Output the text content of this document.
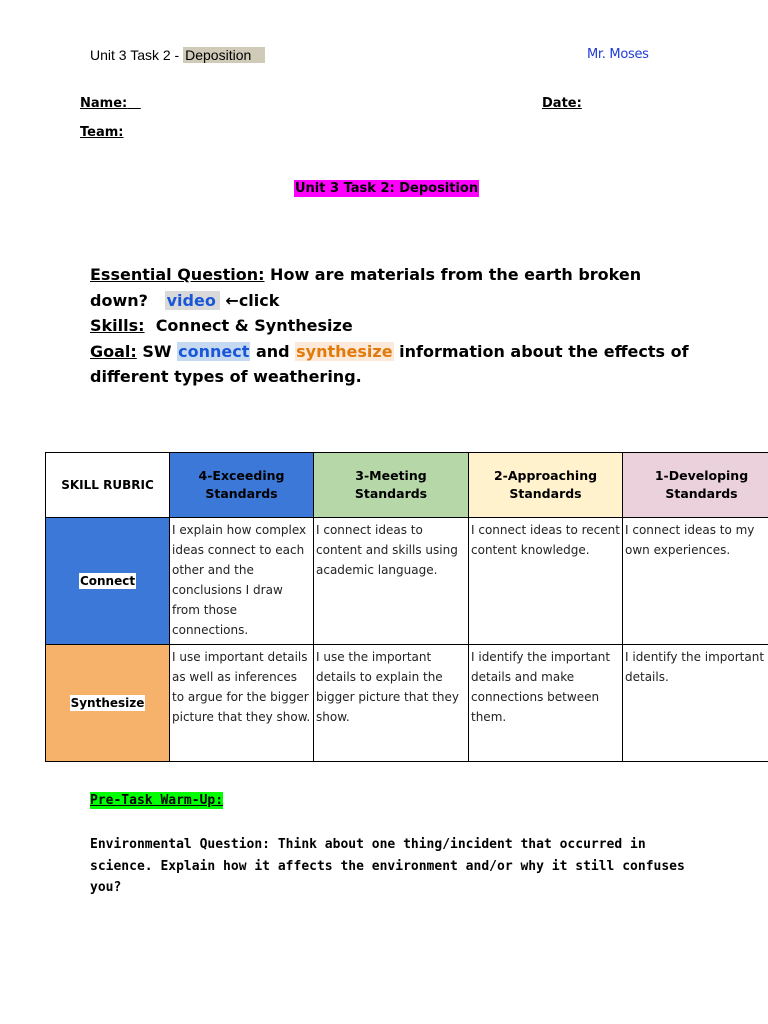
Unit 3 Task 2 - Deposition	Mr. Moses
Name:	Date:
Team:
Unit 3 Task 2: Deposition
Essential Question: How are materials from the earth broken
down? video ←click
Skills:  Connect & Synthesize
Goal: SW connect and synthesize information about the effects of
different types of weathering.
SKILL RUBRIC	4-Exceeding Standards	3-Meeting Standards	2-Approaching Standards	1-Developing Standards
Connect	I explain how complex ideas connect to each other and the conclusions I draw from those connections.	I connect ideas to content and skills using academic language.	I connect ideas to recent content knowledge.	I connect ideas to my own experiences.
Synthesize	I use important details as well as inferences to argue for the bigger picture that they show.	I use the important details to explain the bigger picture that they show.	I identify the important details and make connections between them.	I identify the important details.
Pre-Task Warm-Up:
Environmental Question: Think about one thing/incident that occurred in science. Explain how it affects the environment and/or why it still confuses you?
